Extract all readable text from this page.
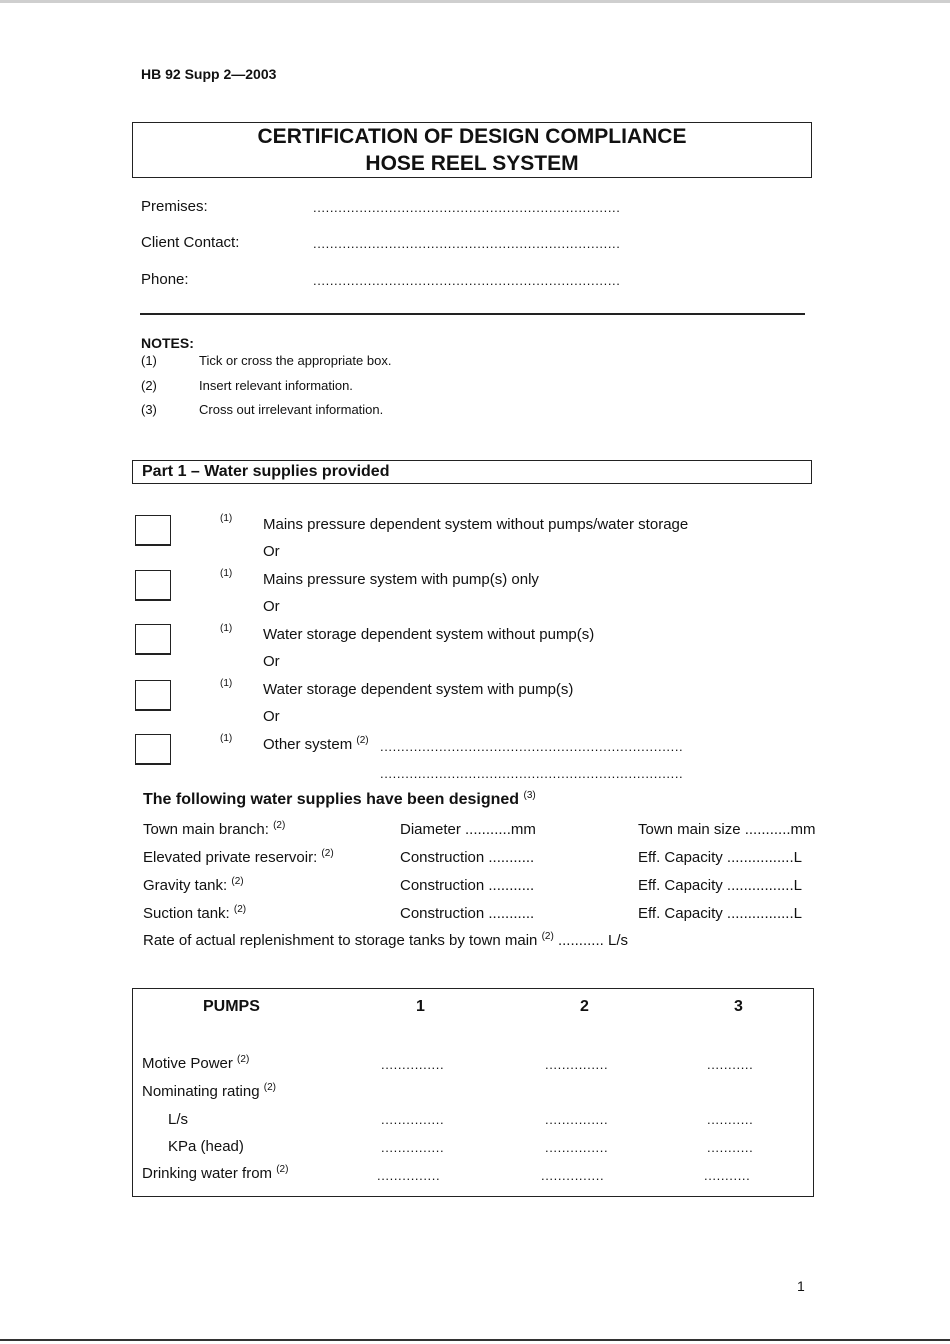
HB 92 Supp 2—2003
CERTIFICATION OF DESIGN COMPLIANCE
HOSE REEL SYSTEM
Premises:	.........................................................................
Client Contact:	.........................................................................
Phone:	.........................................................................
NOTES:
(1)	Tick or cross the appropriate box.
(2)	Insert relevant information.
(3)	Cross out irrelevant information.
Part 1 – Water supplies provided
(1) Mains pressure dependent system without pumps/water storage
Or
(1) Mains pressure system with pump(s) only
Or
(1) Water storage dependent system without pump(s)
Or
(1) Water storage dependent system with pump(s)
Or
(1) Other system $^{(2)}$ ........................................................................
........................................................................
The following water supplies have been designed $^{(3)}$
Town main branch: $^{(2)}$	Diameter ...........mm	Town main size ...........mm
Elevated private reservoir: $^{(2)}$	Construction ...........	Eff. Capacity ................L
Gravity tank: $^{(2)}$	Construction ...........	Eff. Capacity ................L
Suction tank: $^{(2)}$	Construction ...........	Eff. Capacity ................L
Rate of actual replenishment to storage tanks by town main $^{(2)}$ ........... L/s
PUMPS	1	2	3
Motive Power $^{(2)}$	...............	...............	...........
Nominating rating $^{(2)}$
L/s	...............	...............	...........
KPa (head)	...............	...............	...........
Drinking water from $^{(2)}$	...............	...............	...........
1
